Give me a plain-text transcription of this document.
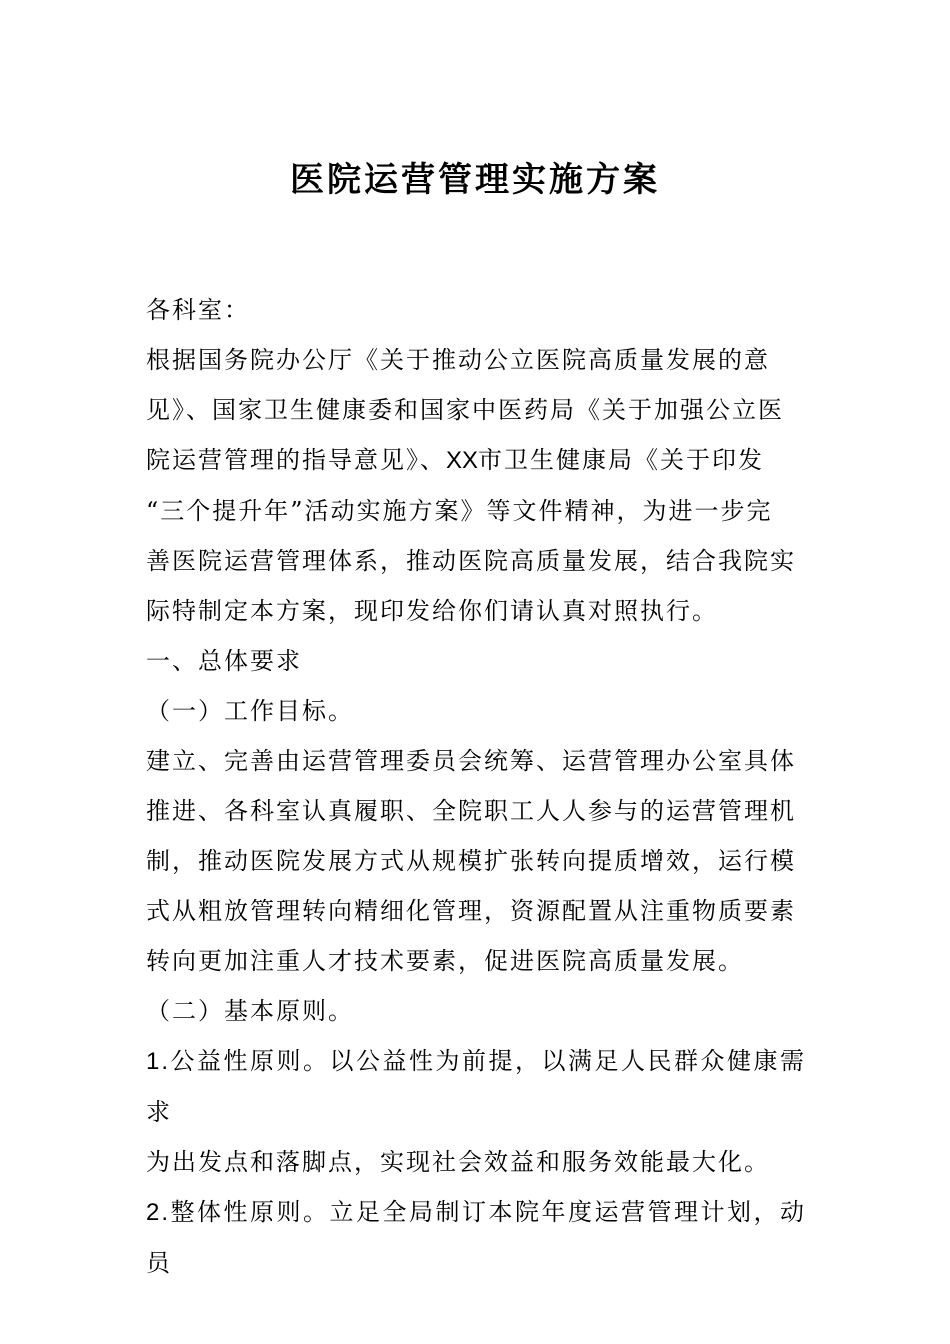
医院运营管理实施方案

各科室：

根据国务院办公厅《关于推动公立医院高质量发展的意

见》、国家卫生健康委和国家中医药局《关于加强公立医

院运营管理的指导意见》、XX市卫生健康局《关于印发

“三个提升年”活动实施方案》等文件精神，为进一步完

善医院运营管理体系，推动医院高质量发展，结合我院实

际特制定本方案，现印发给你们请认真对照执行。

一、总体要求

（一）工作目标。

建立、完善由运营管理委员会统筹、运营管理办公室具体

推进、各科室认真履职、全院职工人人参与的运营管理机

制，推动医院发展方式从规模扩张转向提质增效，运行模

式从粗放管理转向精细化管理，资源配置从注重物质要素

转向更加注重人才技术要素，促进医院高质量发展。

（二）基本原则。

1.公益性原则。以公益性为前提，以满足人民群众健康需求

为出发点和落脚点，实现社会效益和服务效能最大化。

2.整体性原则。立足全局制订本院年度运营管理计划，动员
